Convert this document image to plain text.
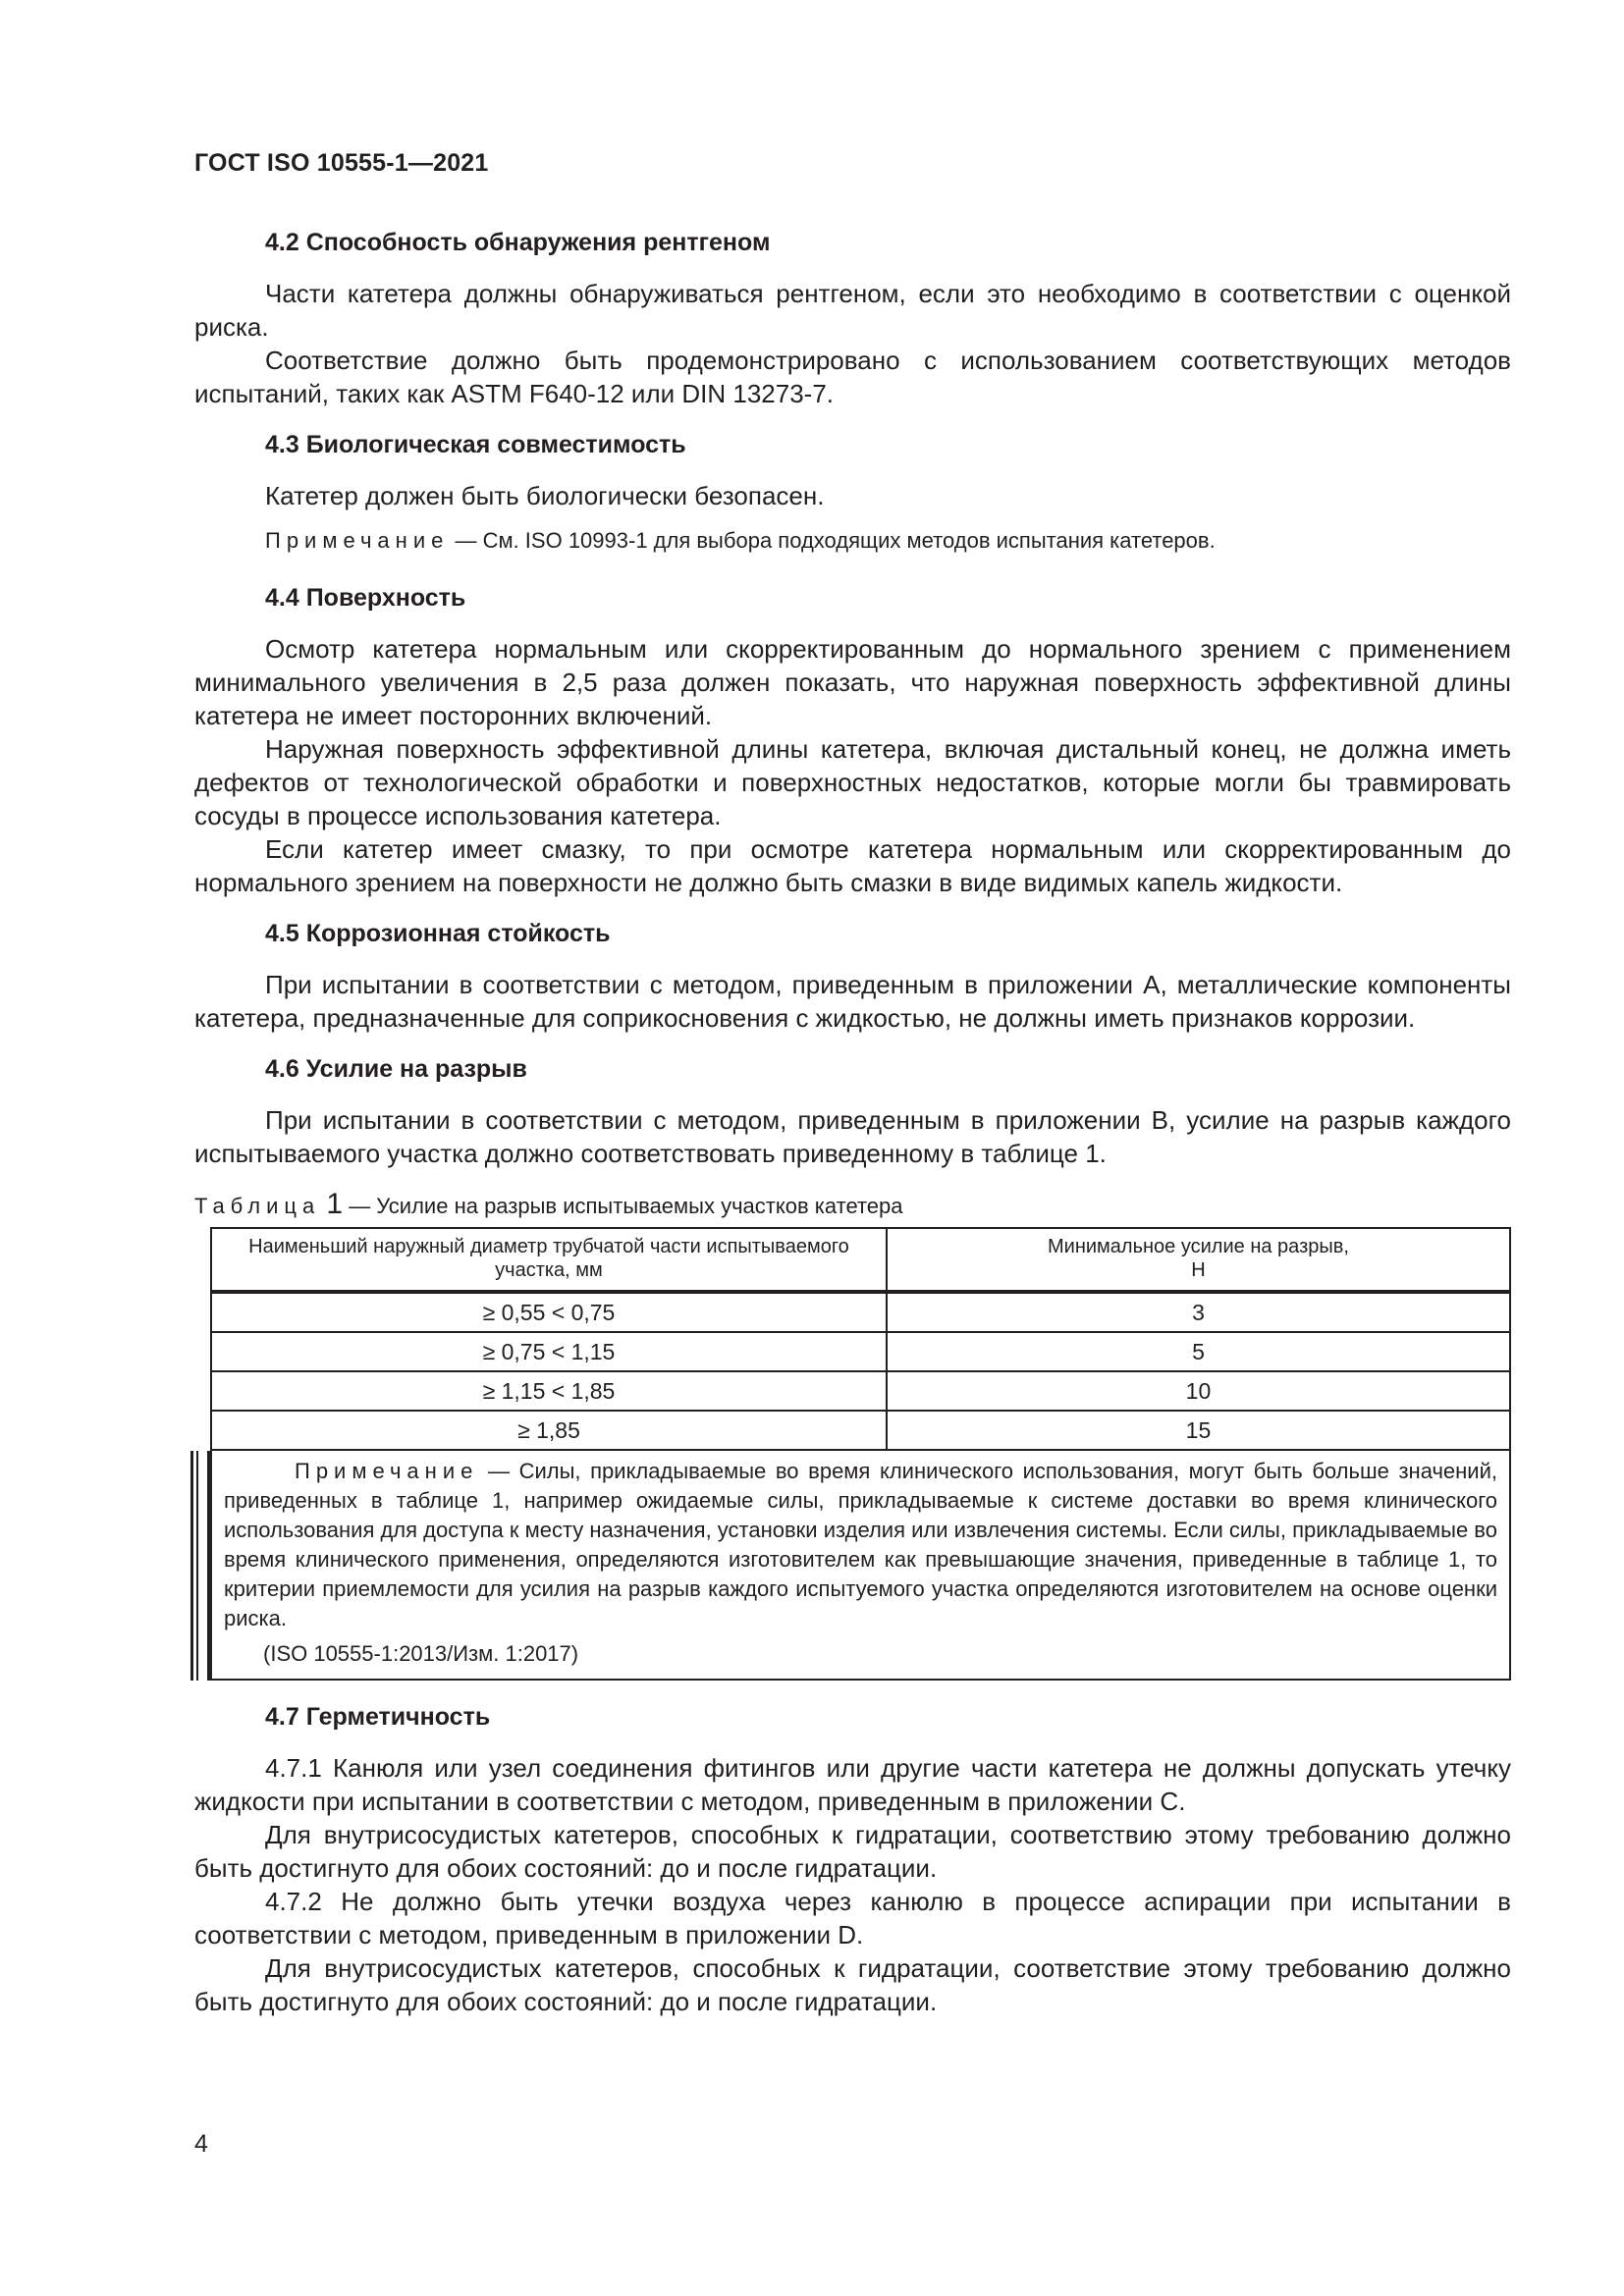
ГОСТ ISO 10555-1—2021
4.2 Способность обнаружения рентгеном

Части катетера должны обнаруживаться рентгеном, если это необходимо в соответствии с оценкой риска.

Соответствие должно быть продемонстрировано с использованием соответствующих методов испытаний, таких как ASTM F640-12 или DIN 13273-7.

4.3 Биологическая совместимость

Катетер должен быть биологически безопасен.

Примечание — См. ISO 10993-1 для выбора подходящих методов испытания катетеров.
4.4 Поверхность

Осмотр катетера нормальным или скорректированным до нормального зрением с применением минимального увеличения в 2,5 раза должен показать, что наружная поверхность эффективной длины катетера не имеет посторонних включений.

Наружная поверхность эффективной длины катетера, включая дистальный конец, не должна иметь дефектов от технологической обработки и поверхностных недостатков, которые могли бы травмировать сосуды в процессе использования катетера.

Если катетер имеет смазку, то при осмотре катетера нормальным или скорректированным до нормального зрением на поверхности не должно быть смазки в виде видимых капель жидкости.

4.5 Коррозионная стойкость

При испытании в соответствии с методом, приведенным в приложении А, металлические компоненты катетера, предназначенные для соприкосновения с жидкостью, не должны иметь признаков коррозии.

4.6 Усилие на разрыв

При испытании в соответствии с методом, приведенным в приложении В, усилие на разрыв каждого испытываемого участка должно соответствовать приведенному в таблице 1.

Таблица 1 — Усилие на разрыв испытываемых участков катетера
Наименьший наружный диаметр трубчатой части испытываемого участка, мм	Минимальное усилие на разрыв,
Н
≥ 0,55 < 0,75	3
≥ 0,75 < 1,15	5
≥ 1,15 < 1,85	10
≥ 1,85	15

Примечание — Силы, прикладываемые во время клинического использования, могут быть больше значений, приведенных в таблице 1, например ожидаемые силы, прикладываемые к системе доставки во время клинического использования для доступа к месту назначения, установки изделия или извлечения системы. Если силы, прикладываемые во время клинического применения, определяются изготовителем как превышающие значения, приведенные в таблице 1, то критерии приемлемости для усилия на разрыв каждого испытуемого участка определяются изготовителем на основе оценки риска.

(ISO 10555-1:2013/Изм. 1:2017)
4.7 Герметичность

4.7.1 Канюля или узел соединения фитингов или другие части катетера не должны допускать утечку жидкости при испытании в соответствии с методом, приведенным в приложении С.

Для внутрисосудистых катетеров, способных к гидратации, соответствию этому требованию должно быть достигнуто для обоих состояний: до и после гидратации.

4.7.2 Не должно быть утечки воздуха через канюлю в процессе аспирации при испытании в соответствии с методом, приведенным в приложении D.

Для внутрисосудистых катетеров, способных к гидратации, соответствие этому требованию должно быть достигнуто для обоих состояний: до и после гидратации.

4
